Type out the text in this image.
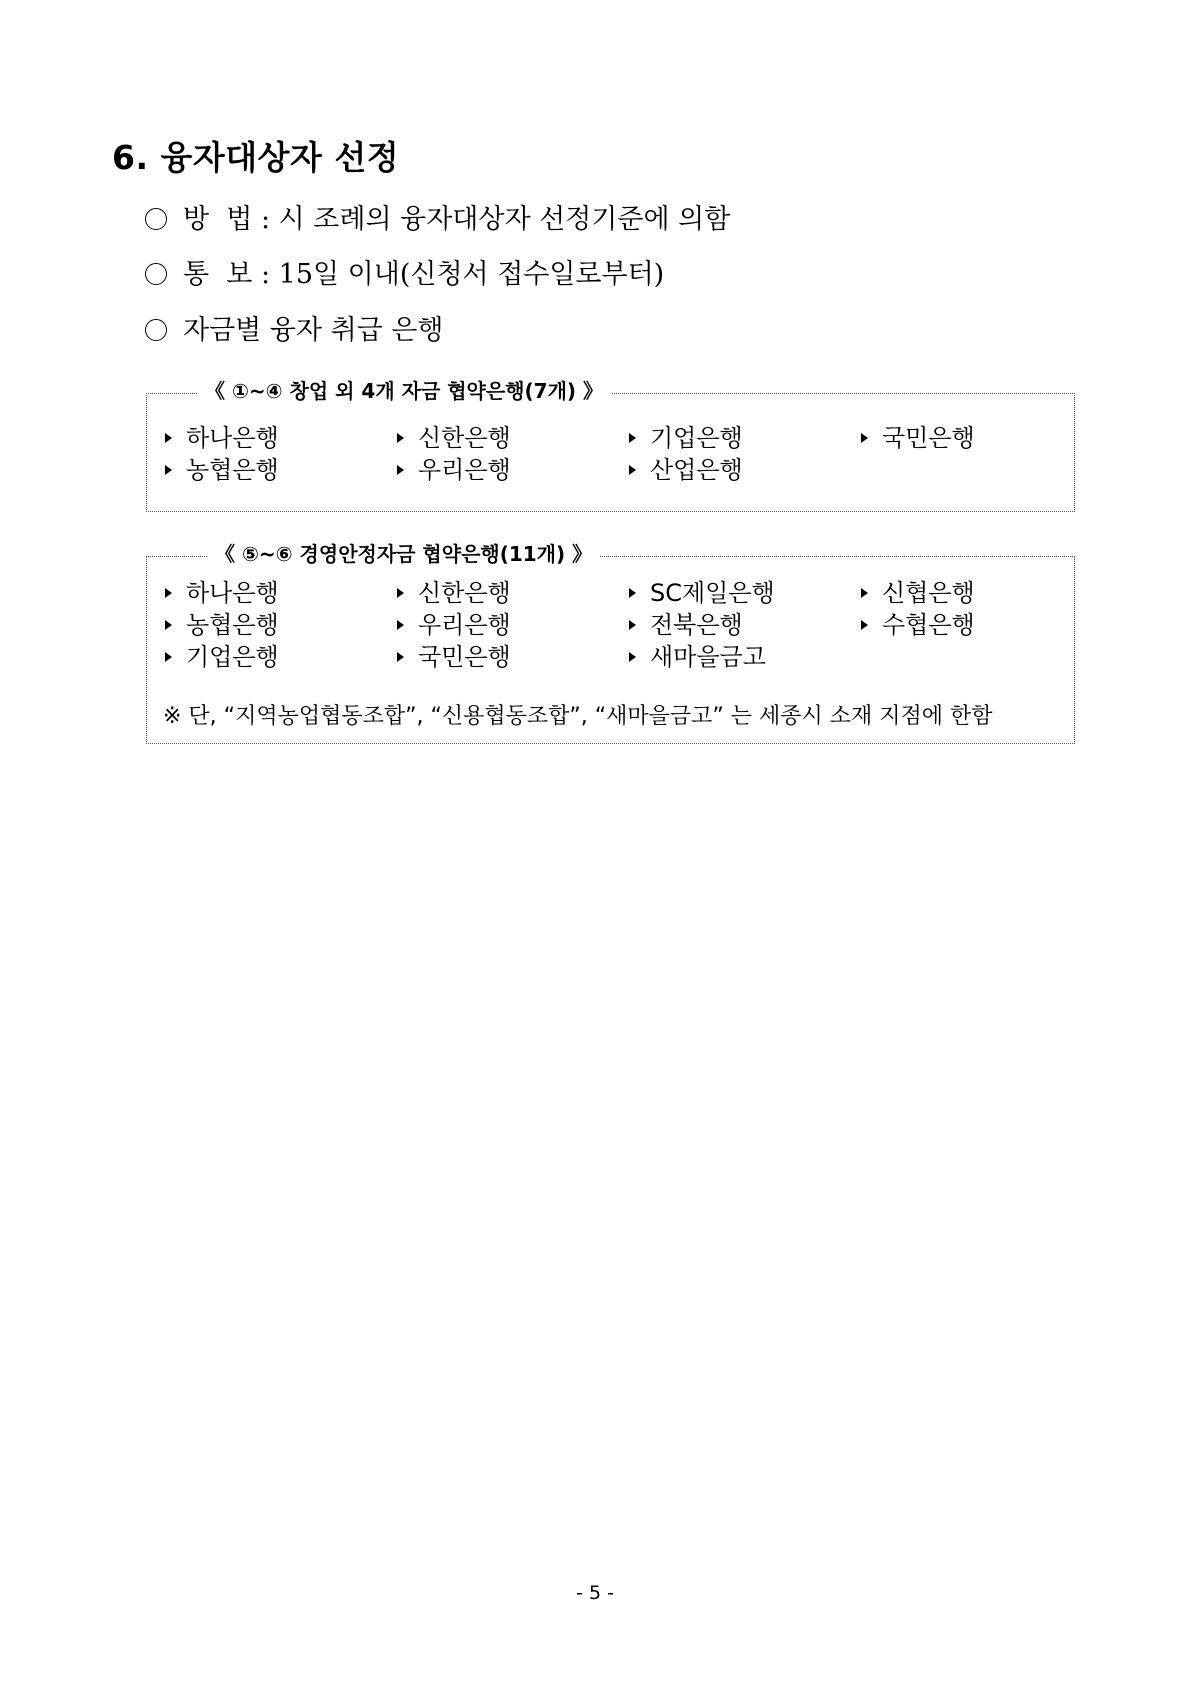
6. 융자대상자 선정
방  법 : 시 조례의 융자대상자 선정기준에 의함
통  보 : 15일 이내(신청서 접수일로부터)
자금별 융자 취급 은행
《 ①~④ 창업 외 4개 자금 협약은행(7개) 》
하나은행	신한은행	기업은행	국민은행
농협은행	우리은행	산업은행
《 ⑤~⑥ 경영안정자금 협약은행(11개) 》
하나은행	신한은행	SC제일은행	신협은행
농협은행	우리은행	전북은행	수협은행
기업은행	국민은행	새마을금고
※ 단, “지역농업협동조합”, “신용협동조합”, “새마을금고” 는 세종시 소재 지점에 한함
- 5 -
